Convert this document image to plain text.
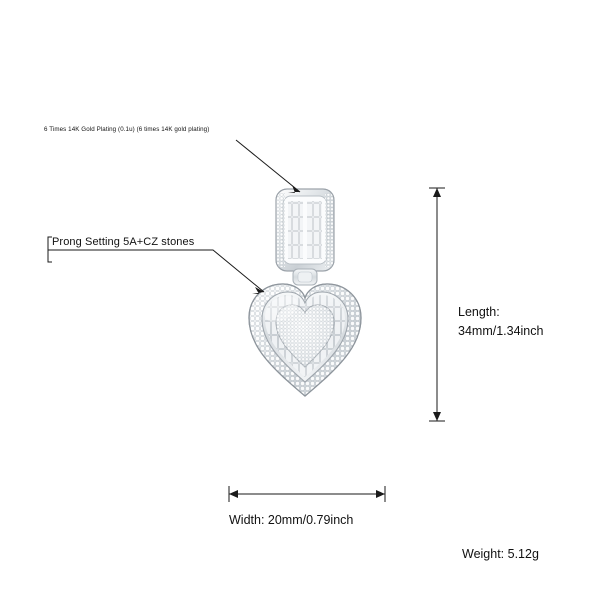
6 Times 14K Gold Plating (0.1u) (6 times 14K gold plating)
Prong Setting 5A+CZ stones
Length:
34mm/1.34inch
Width: 20mm/0.79inch
Weight: 5.12g
